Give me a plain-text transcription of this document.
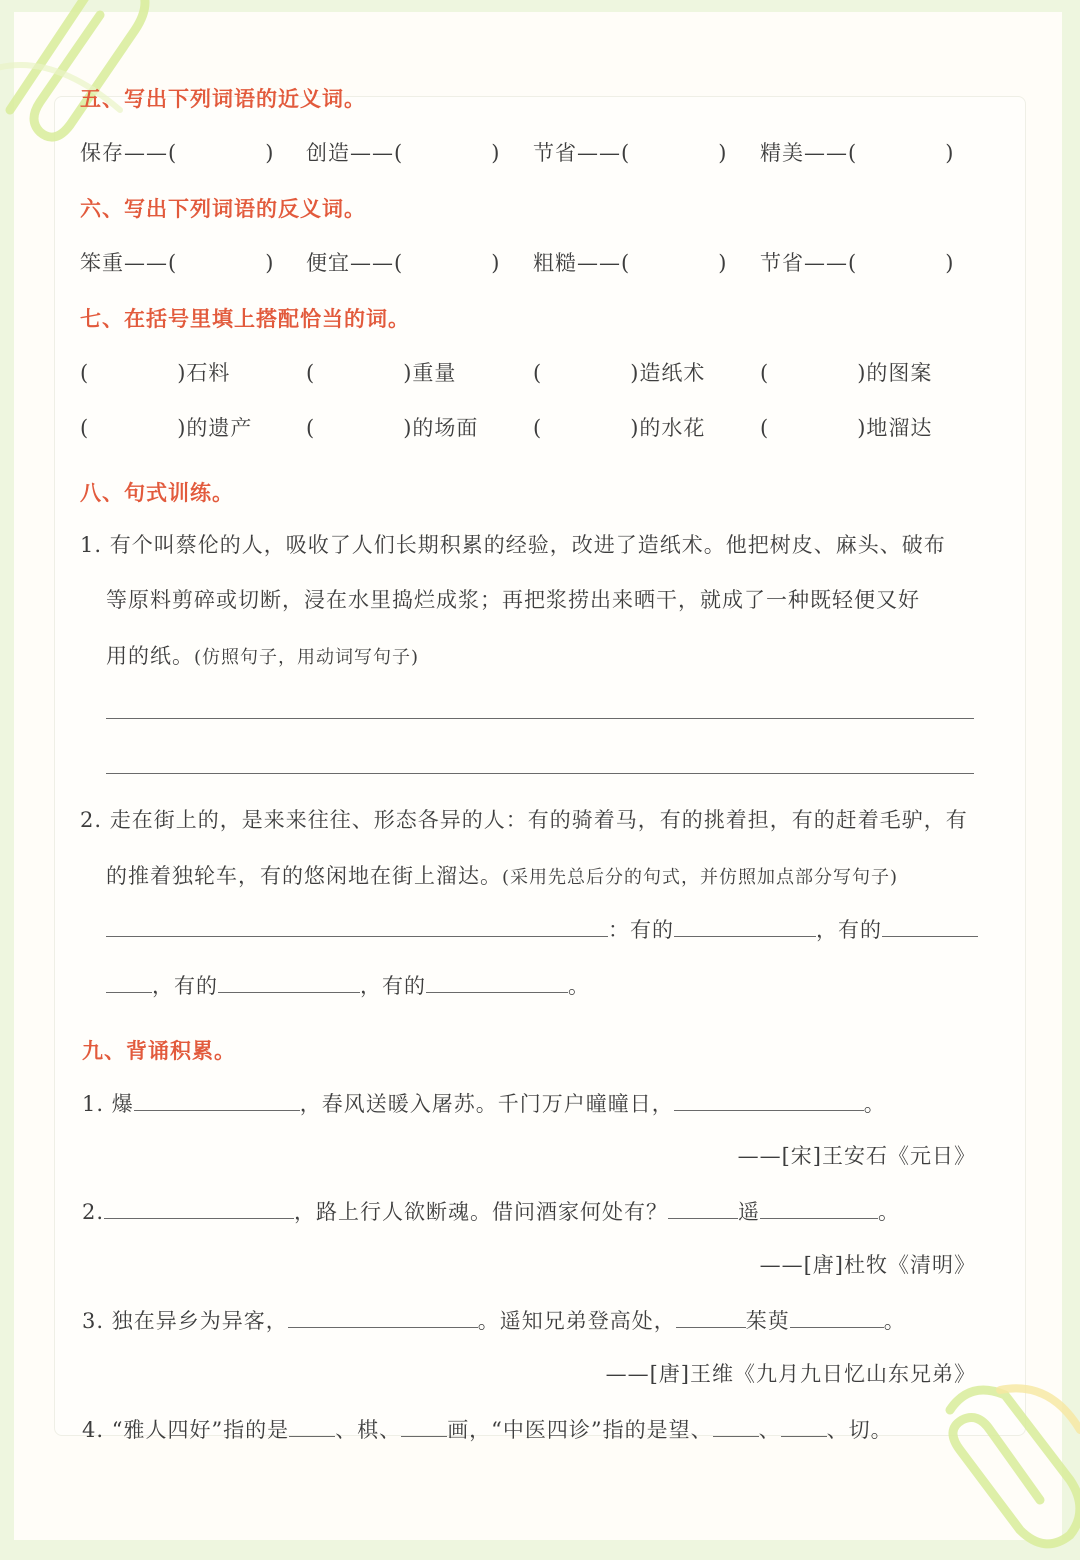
五、写出下列词语的近义词。
保存——(　　　　) 创造——(　　　　) 节省——(　　　　) 精美——(　　　　)
六、写出下列词语的反义词。
笨重——(　　　　) 便宜——(　　　　) 粗糙——(　　　　) 节省——(　　　　)
七、在括号里填上搭配恰当的词。
(　　　　)石料	(　　　　)重量	(　　　　)造纸术	(　　　　)的图案
(　　　　)的遗产	(　　　　)的场面	(　　　　)的水花	(　　　　)地溜达
八、句式训练。
1. 有个叫蔡伦的人，吸收了人们长期积累的经验，改进了造纸术。他把树皮、麻头、破布
等原料剪碎或切断，浸在水里捣烂成浆；再把浆捞出来晒干，就成了一种既轻便又好
用的纸。(仿照句子，用动词写句子)
2. 走在街上的，是来来往往、形态各异的人：有的骑着马，有的挑着担，有的赶着毛驴，有
的推着独轮车，有的悠闲地在街上溜达。(采用先总后分的句式，并仿照加点部分写句子)
：有的	，有的
，有的	，有的	。
九、背诵积累。
1. 爆	，春风送暖入屠苏。千门万户曈曈日，	。
——[宋]王安石《元日》
2.	，路上行人欲断魂。借问酒家何处有？	遥	。
——[唐]杜牧《清明》
3. 独在异乡为异客，	。遥知兄弟登高处，	茱萸	。
——[唐]王维《九月九日忆山东兄弟》
4. “雅人四好”指的是 、棋、 画，“中医四诊”指的是望、 、 、切。
